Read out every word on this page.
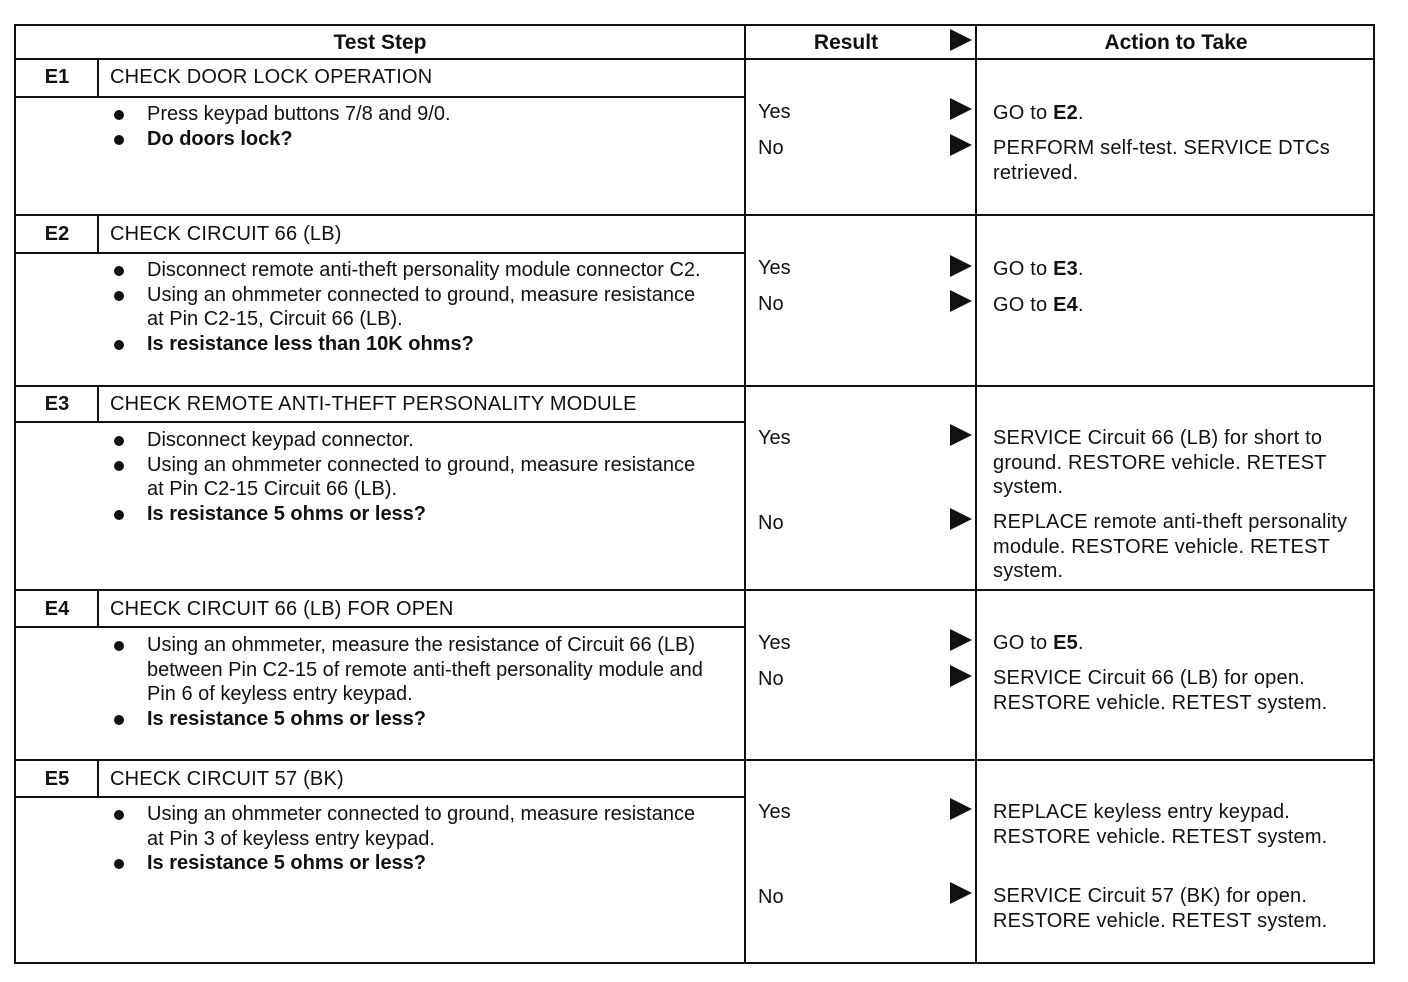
Test Step	Result	Action to Take
E1	CHECK DOOR LOCK OPERATION
Press keypad buttons 7/8 and 9/0.
Do doors lock?
Yes	GO to E2.
No	PERFORM self-test. SERVICE DTCs retrieved.
E2	CHECK CIRCUIT 66 (LB)
Disconnect remote anti-theft personality module connector C2.
Using an ohmmeter connected to ground, measure resistance at Pin C2-15, Circuit 66 (LB).
Is resistance less than 10K ohms?
Yes	GO to E3.
No	GO to E4.
E3	CHECK REMOTE ANTI-THEFT PERSONALITY MODULE
Disconnect keypad connector.
Using an ohmmeter connected to ground, measure resistance at Pin C2-15 Circuit 66 (LB).
Is resistance 5 ohms or less?
Yes	SERVICE Circuit 66 (LB) for short to ground. RESTORE vehicle. RETEST system.
No	REPLACE remote anti-theft personality module. RESTORE vehicle. RETEST system.
E4	CHECK CIRCUIT 66 (LB) FOR OPEN
Using an ohmmeter, measure the resistance of Circuit 66 (LB) between Pin C2-15 of remote anti-theft personality module and Pin 6 of keyless entry keypad.
Is resistance 5 ohms or less?
Yes	GO to E5.
No	SERVICE Circuit 66 (LB) for open. RESTORE vehicle. RETEST system.
E5	CHECK CIRCUIT 57 (BK)
Using an ohmmeter connected to ground, measure resistance at Pin 3 of keyless entry keypad.
Is resistance 5 ohms or less?
Yes	REPLACE keyless entry keypad. RESTORE vehicle. RETEST system.
No	SERVICE Circuit 57 (BK) for open. RESTORE vehicle. RETEST system.
